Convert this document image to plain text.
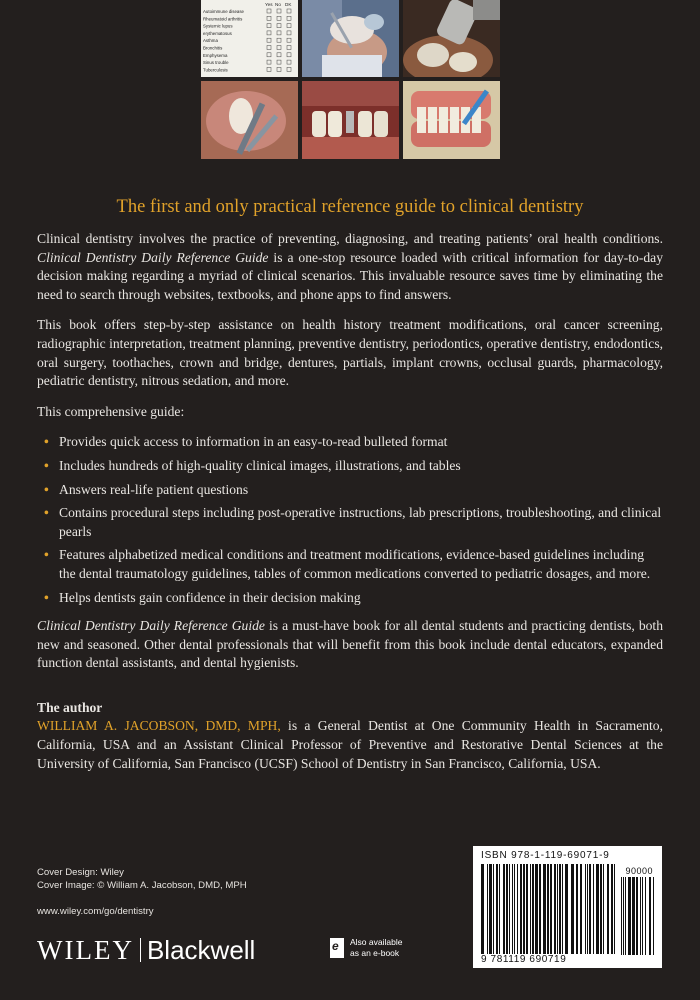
Yes No DK
Autoimmune disease
Rheumatoid arthritis
Systemic lupus
erythematosus
Asthma
Bronchitis
Emphysema
Sinus trouble
Tuberculosis
The first and only practical reference guide to clinical dentistry

Clinical dentistry involves the practice of preventing, diagnosing, and treating patients’ oral health conditions. Clinical Dentistry Daily Reference Guide is a one-stop resource loaded with critical information for day-to-day decision making regarding a myriad of clinical scenarios. This invaluable resource saves time by eliminating the need to search through websites, textbooks, and phone apps to find answers.

This book offers step-by-step assistance on health history treatment modifications, oral cancer screening, radiographic interpretation, treatment planning, preventive dentistry, periodontics, operative dentistry, endodontics, oral surgery, toothaches, crown and bridge, dentures, partials, implant crowns, occlusal guards, pharmacology, pediatric dentistry, nitrous sedation, and more.

This comprehensive guide:

• Provides quick access to information in an easy-to-read bulleted format
• Includes hundreds of high-quality clinical images, illustrations, and tables
• Answers real-life patient questions
• Contains procedural steps including post-operative instructions, lab prescriptions, troubleshooting, and clinical pearls
• Features alphabetized medical conditions and treatment modifications, evidence-based guidelines including the dental traumatology guidelines, tables of common medications converted to pediatric dosages, and more.
• Helps dentists gain confidence in their decision making

Clinical Dentistry Daily Reference Guide is a must-have book for all dental students and practicing dentists, both new and seasoned. Other dental professionals that will benefit from this book include dental educators, expanded function dental assistants, and dental hygienists.

The author
WILLIAM A. JACOBSON, DMD, MPH, is a General Dentist at One Community Health in Sacramento, California, USA and an Assistant Clinical Professor of Preventive and Restorative Dental Sciences at the University of California, San Francisco (UCSF) School of Dentistry in San Francisco, California, USA.
Cover Design: Wiley
Cover Image: © William A. Jacobson, DMD, MPH
www.wiley.com/go/dentistry
WILEY Blackwell	e Also available
as an e-book
ISBN 978-1-119-69071-9
90000
9 781119 690719
